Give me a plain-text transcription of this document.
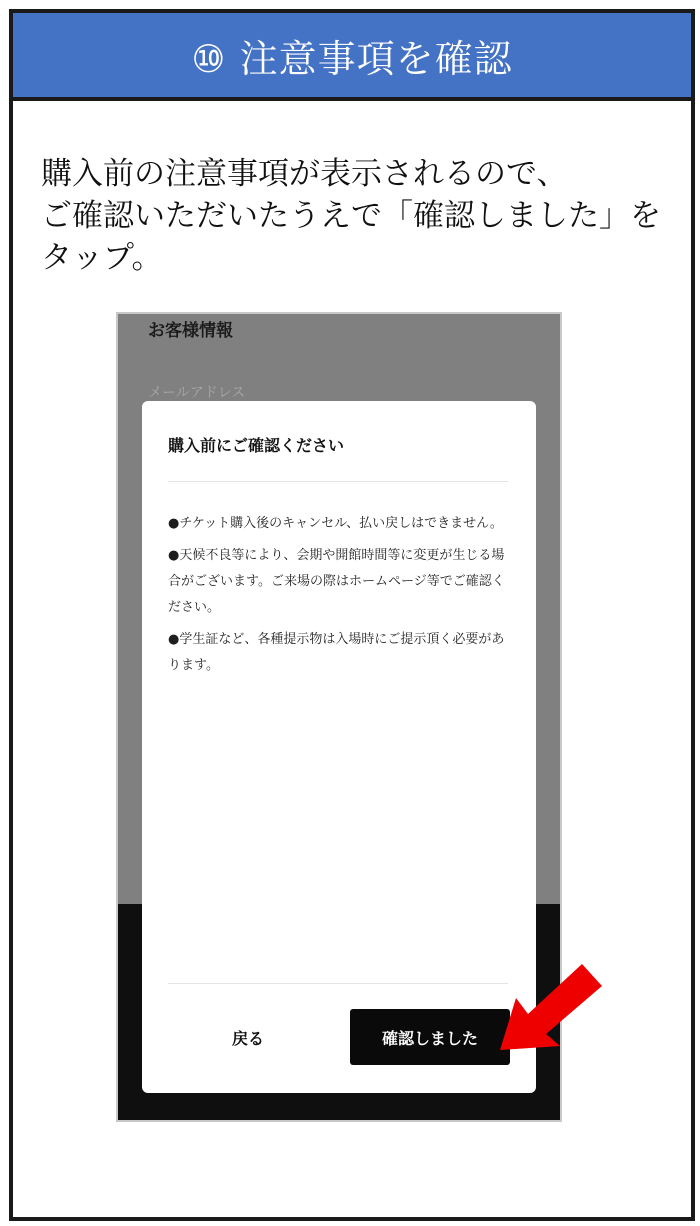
⑩ 注意事項を確認
購入前の注意事項が表示されるので、
ご確認いただいたうえで「確認しました」を
タップ。
お客様情報
メールアドレス
購入前にご確認ください

●チケット購入後のキャンセル、払い戻しはできません。

●天候不良等により、会期や開館時間等に変更が生じる場合がございます。ご来場の際はホームページ等でご確認ください。

●学生証など、各種提示物は入場時にご提示頂く必要があります。

戻る	確認しました
